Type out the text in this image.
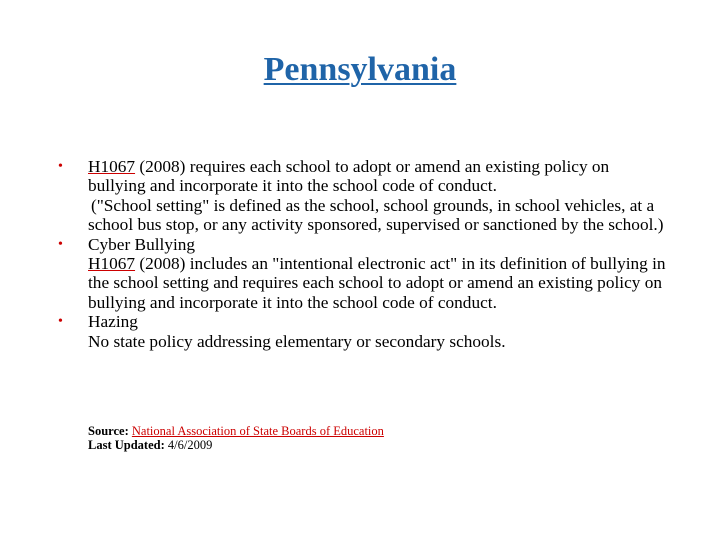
Pennsylvania
• H1067 (2008) requires each school to adopt or amend an existing policy on bullying and incorporate it into the school code of conduct.
("School setting" is defined as the school, school grounds, in school vehicles, at a school bus stop, or any activity sponsored, supervised or sanctioned by the school.)
• Cyber Bullying
H1067 (2008) includes an "intentional electronic act" in its definition of bullying in the school setting and requires each school to adopt or amend an existing policy on bullying and incorporate it into the school code of conduct.
• Hazing
No state policy addressing elementary or secondary schools.
Source: National Association of State Boards of Education
Last Updated: 4/6/2009
